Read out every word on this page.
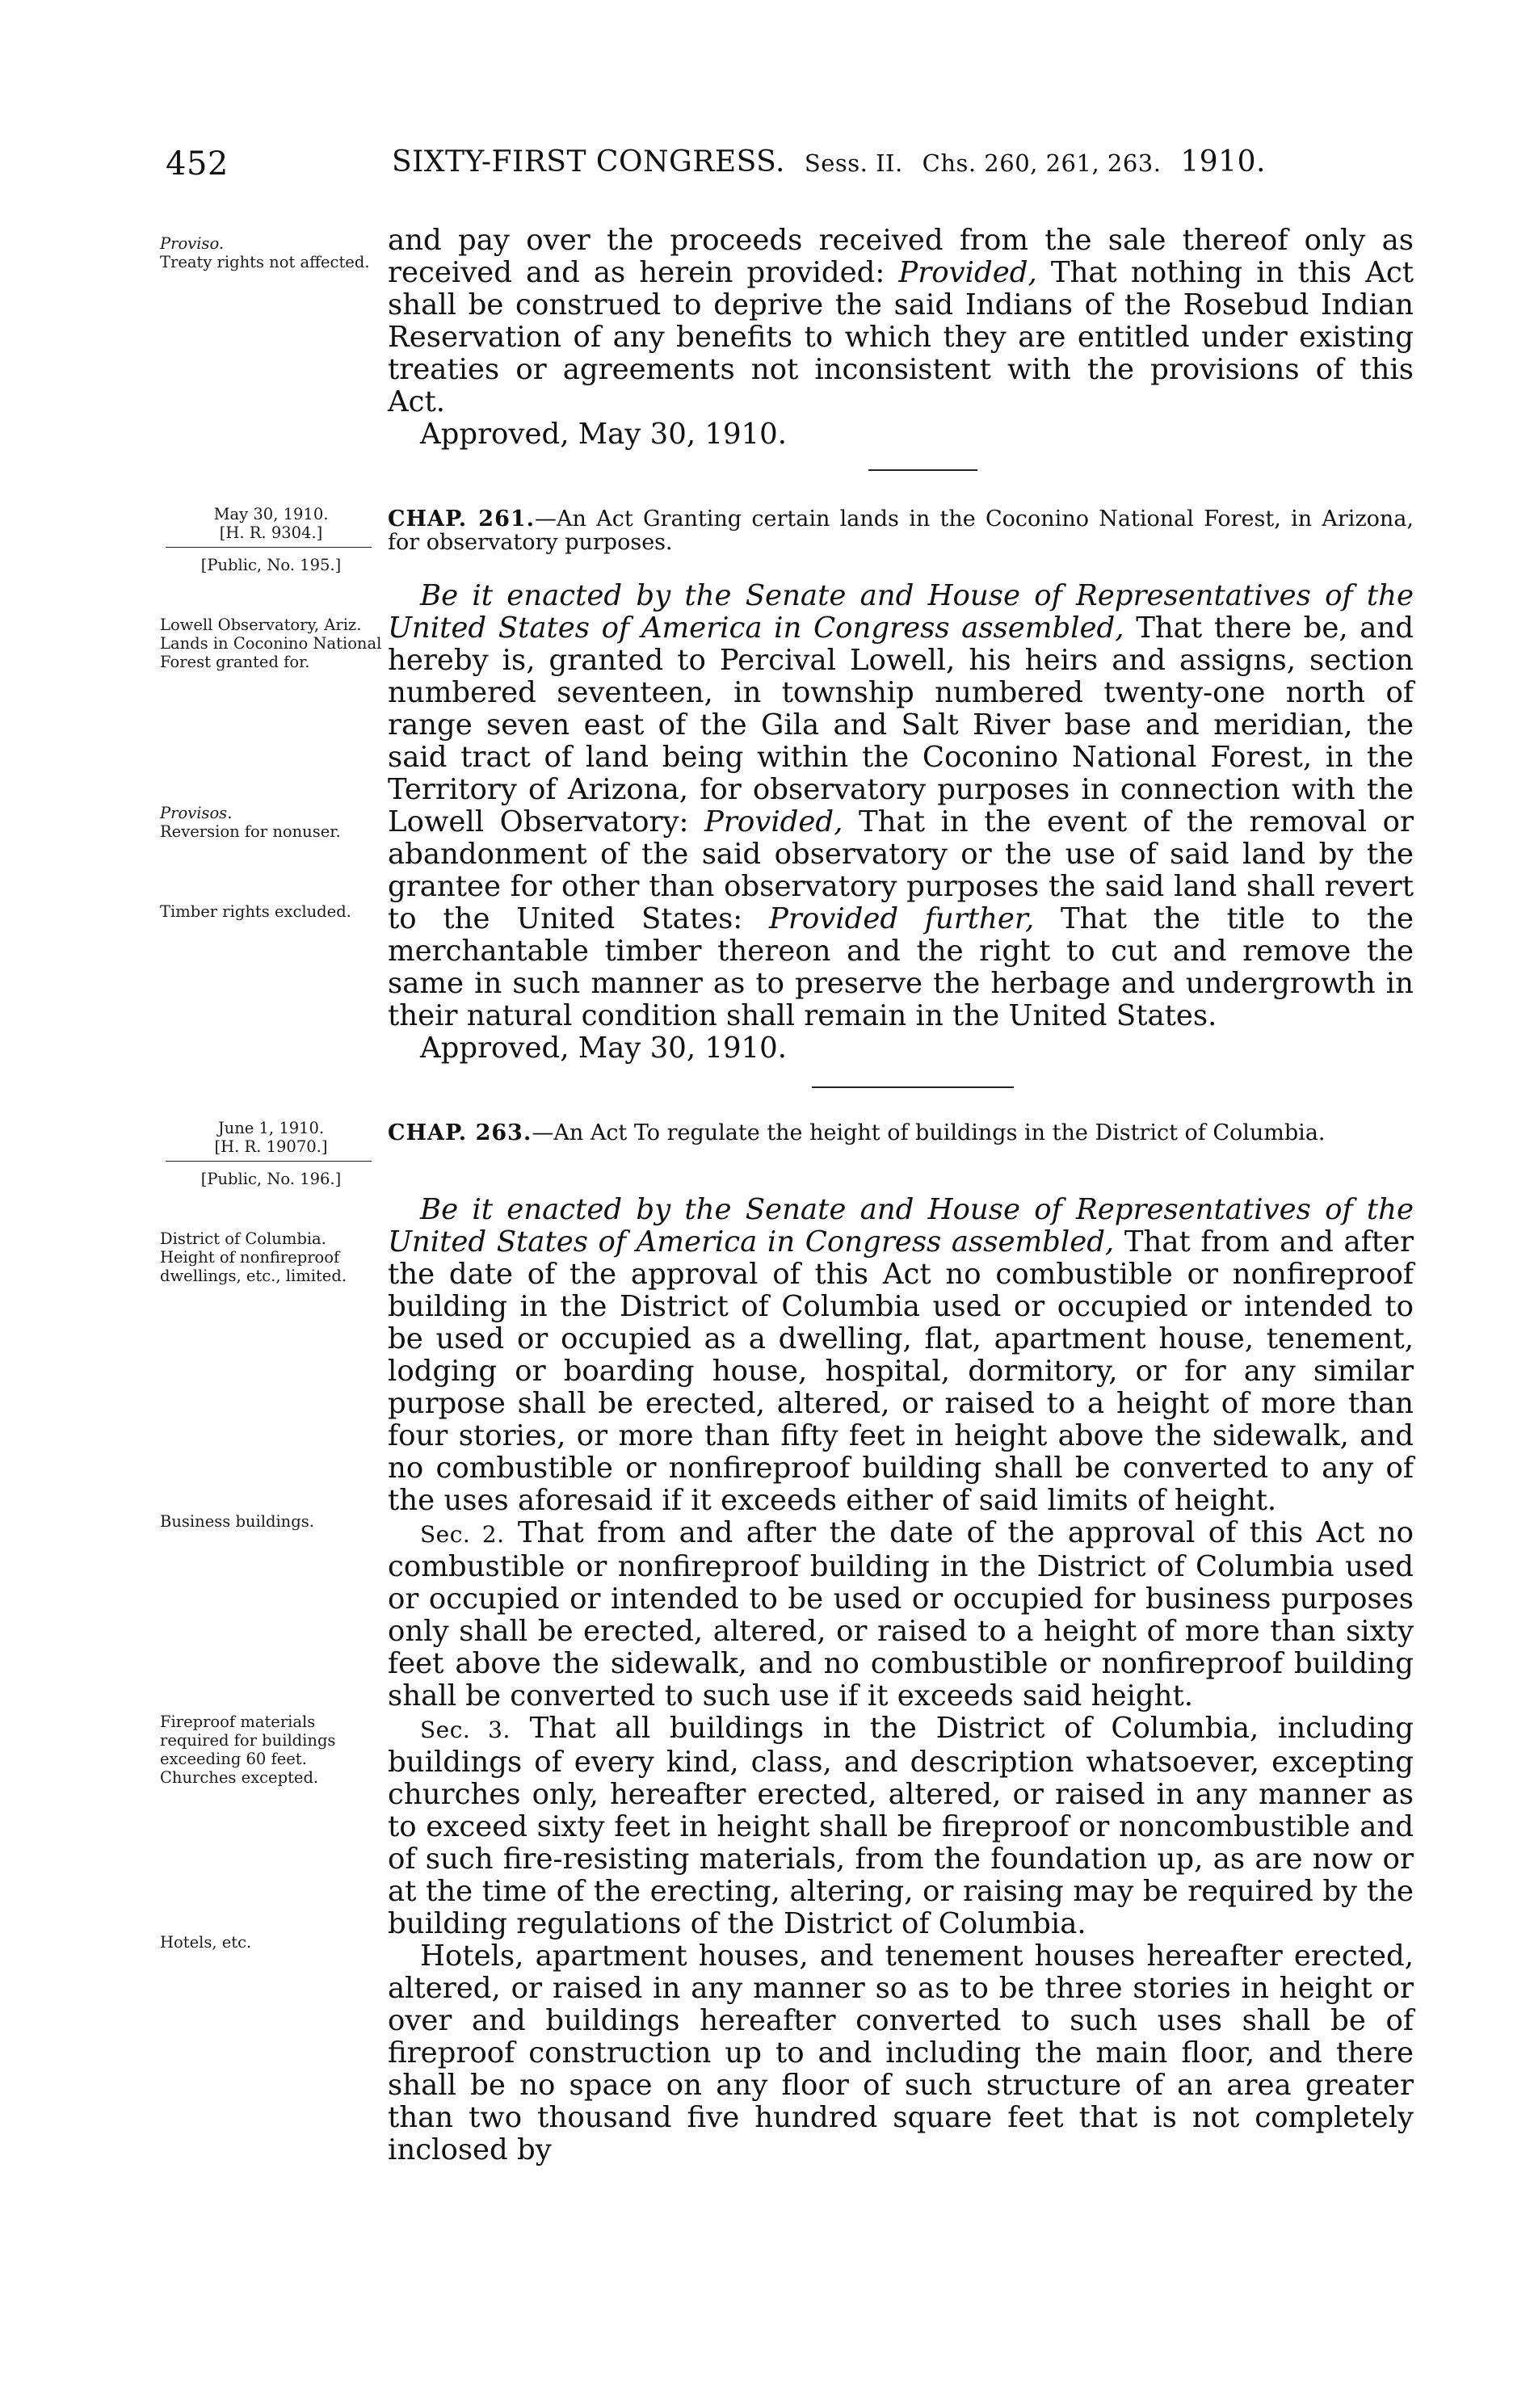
452	SIXTY-FIRST CONGRESS. Sess. II. Chs. 260, 261, 263. 1910.
Proviso.
Treaty rights not affected.

and pay over the proceeds received from the sale thereof only as received and as herein provided: Provided, That nothing in this Act shall be construed to deprive the said Indians of the Rosebud Indian Reservation of any benefits to which they are entitled under existing treaties or agreements not inconsistent with the provisions of this Act.

Approved, May 30, 1910.

May 30, 1910.
[H. R. 9304.]
[Public, No. 195.]
CHAP. 261.—An Act Granting certain lands in the Coconino National Forest, in Arizona, for observatory purposes.
Lowell Observatory, Ariz.
Lands in Coconino National Forest granted for.
Provisos.
Reversion for nonuser.
Timber rights excluded.

Be it enacted by the Senate and House of Representatives of the United States of America in Congress assembled, That there be, and hereby is, granted to Percival Lowell, his heirs and assigns, section numbered seventeen, in township numbered twenty-one north of range seven east of the Gila and Salt River base and meridian, the said tract of land being within the Coconino National Forest, in the Territory of Arizona, for observatory purposes in connection with the Lowell Observatory: Provided, That in the event of the removal or abandonment of the said observatory or the use of said land by the grantee for other than observatory purposes the said land shall revert to the United States: Provided further, That the title to the merchantable timber thereon and the right to cut and remove the same in such manner as to preserve the herbage and undergrowth in their natural condition shall remain in the United States.

Approved, May 30, 1910.

June 1, 1910.
[H. R. 19070.]
[Public, No. 196.]
CHAP. 263.—An Act To regulate the height of buildings in the District of Columbia.
District of Columbia.
Height of nonfireproof dwellings, etc., limited.
Business buildings.
Fireproof materials required for buildings exceeding 60 feet.
Churches excepted.
Hotels, etc.

Be it enacted by the Senate and House of Representatives of the United States of America in Congress assembled, That from and after the date of the approval of this Act no combustible or nonfireproof building in the District of Columbia used or occupied or intended to be used or occupied as a dwelling, flat, apartment house, tenement, lodging or boarding house, hospital, dormitory, or for any similar purpose shall be erected, altered, or raised to a height of more than four stories, or more than fifty feet in height above the sidewalk, and no combustible or nonfireproof building shall be converted to any of the uses aforesaid if it exceeds either of said limits of height.

Sec. 2. That from and after the date of the approval of this Act no combustible or nonfireproof building in the District of Columbia used or occupied or intended to be used or occupied for business purposes only shall be erected, altered, or raised to a height of more than sixty feet above the sidewalk, and no combustible or nonfireproof building shall be converted to such use if it exceeds said height.

Sec. 3. That all buildings in the District of Columbia, including buildings of every kind, class, and description whatsoever, excepting churches only, hereafter erected, altered, or raised in any manner as to exceed sixty feet in height shall be fireproof or noncombustible and of such fire-resisting materials, from the foundation up, as are now or at the time of the erecting, altering, or raising may be required by the building regulations of the District of Columbia.

Hotels, apartment houses, and tenement houses hereafter erected, altered, or raised in any manner so as to be three stories in height or over and buildings hereafter converted to such uses shall be of fireproof construction up to and including the main floor, and there shall be no space on any floor of such structure of an area greater than two thousand five hundred square feet that is not completely inclosed by
